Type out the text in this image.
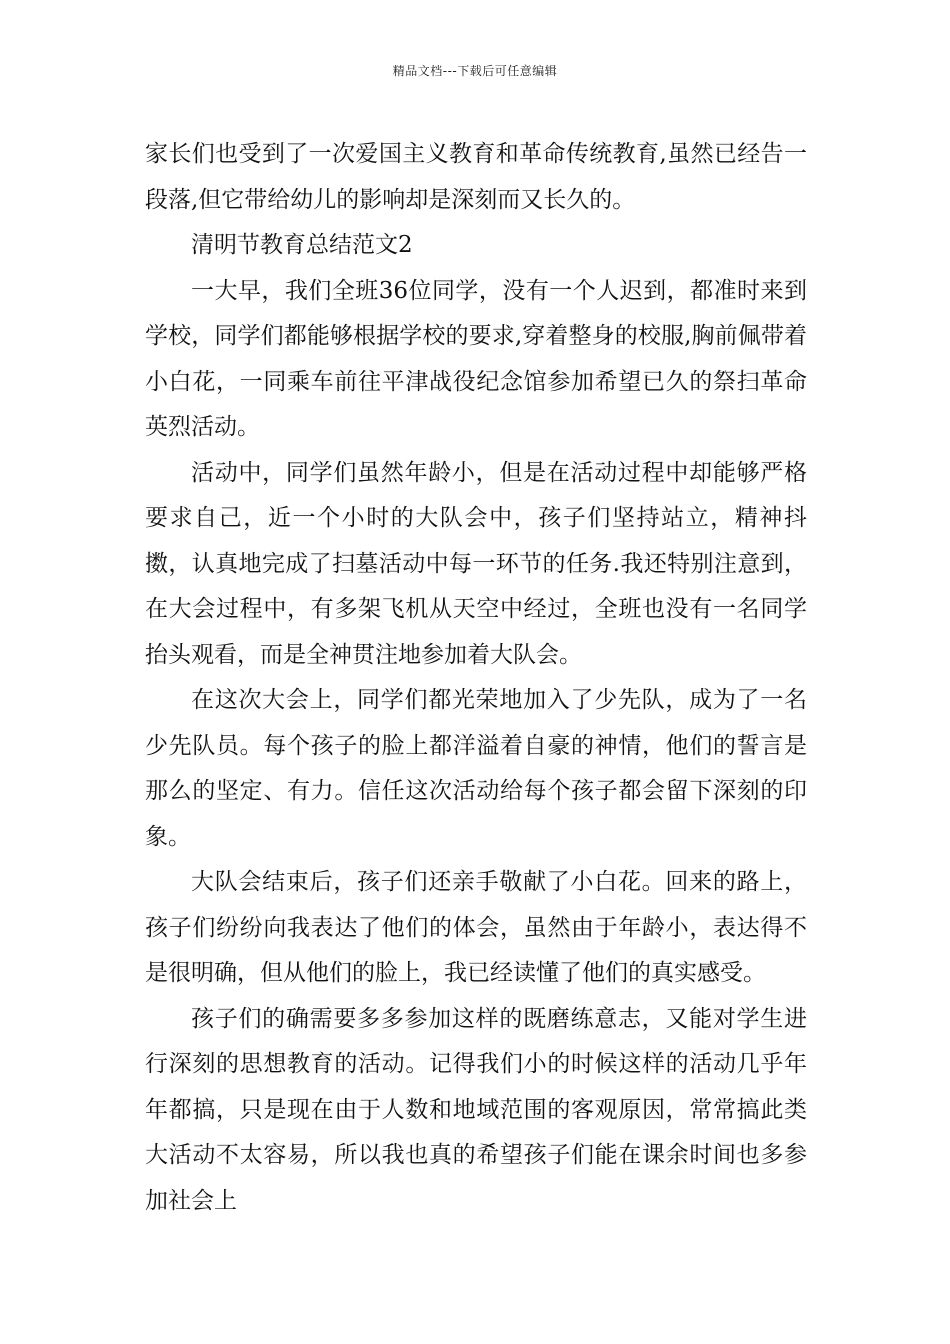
精品文档---下载后可任意编辑

家长们也受到了一次爱国主义教育和革命传统教育,虽然已经告一段落,但它带给幼儿的影响却是深刻而又长久的。

清明节教育总结范文2

一大早，我们全班36位同学，没有一个人迟到，都准时来到学校，同学们都能够根据学校的要求,穿着整身的校服,胸前佩带着小白花，一同乘车前往平津战役纪念馆参加希望已久的祭扫革命英烈活动。

活动中，同学们虽然年龄小，但是在活动过程中却能够严格要求自己，近一个小时的大队会中，孩子们坚持站立，精神抖擞，认真地完成了扫墓活动中每一环节的任务.我还特别注意到，在大会过程中，有多架飞机从天空中经过，全班也没有一名同学抬头观看，而是全神贯注地参加着大队会。

在这次大会上，同学们都光荣地加入了少先队，成为了一名少先队员。每个孩子的脸上都洋溢着自豪的神情，他们的誓言是那么的坚定、有力。信任这次活动给每个孩子都会留下深刻的印象。

大队会结束后，孩子们还亲手敬献了小白花。回来的路上，孩子们纷纷向我表达了他们的体会，虽然由于年龄小，表达得不是很明确，但从他们的脸上，我已经读懂了他们的真实感受。

孩子们的确需要多多参加这样的既磨练意志，又能对学生进行深刻的思想教育的活动。记得我们小的时候这样的活动几乎年年都搞，只是现在由于人数和地域范围的客观原因，常常搞此类大活动不太容易，所以我也真的希望孩子们能在课余时间也多参加社会上
